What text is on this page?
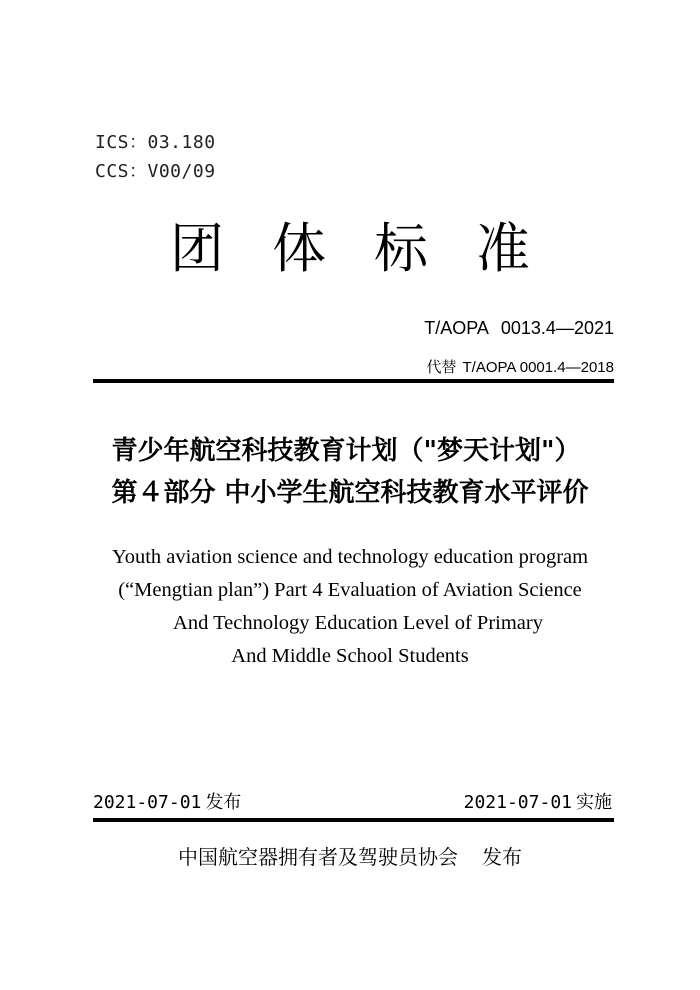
ICS：03.180
CCS：V00/09
团体标准
T/AOPA 0013.4—2021
代替 T/AOPA 0001.4—2018
青少年航空科技教育计划（"梦天计划"）
第４部分 中小学生航空科技教育水平评价
Youth aviation science and technology education program
(“Mengtian plan”) Part 4 Evaluation of Aviation Science
And Technology Education Level of Primary
And Middle School Students
2021-07-01 发布	2021-07-01 实施
中国航空器拥有者及驾驶员协会 发布
